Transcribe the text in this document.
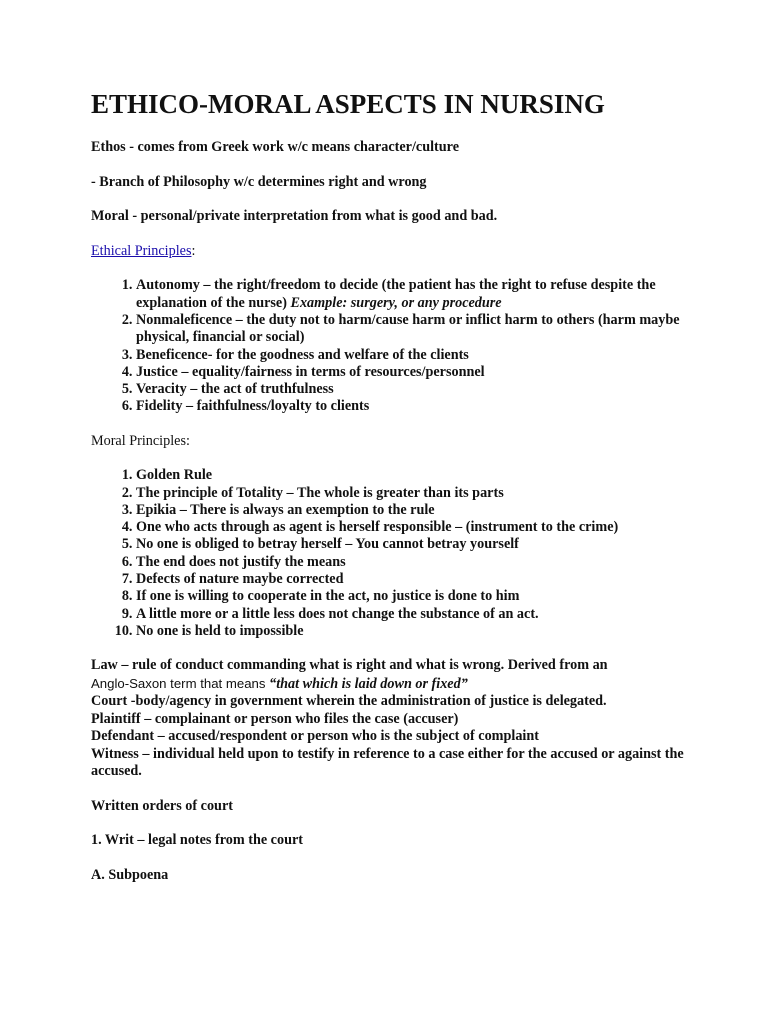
ETHICO-MORAL ASPECTS IN NURSING

Ethos - comes from Greek work w/c means character/culture

- Branch of Philosophy w/c determines right and wrong

Moral - personal/private interpretation from what is good and bad.

Ethical Principles:

1. Autonomy – the right/freedom to decide (the patient has the right to refuse despite the explanation of the nurse) Example: surgery, or any procedure
2. Nonmaleficence – the duty not to harm/cause harm or inflict harm to others (harm maybe physical, financial or social)
3. Beneficence- for the goodness and welfare of the clients
4. Justice – equality/fairness in terms of resources/personnel
5. Veracity – the act of truthfulness
6. Fidelity – faithfulness/loyalty to clients

Moral Principles:

1. Golden Rule
2. The principle of Totality – The whole is greater than its parts
3. Epikia – There is always an exemption to the rule
4. One who acts through as agent is herself responsible – (instrument to the crime)
5. No one is obliged to betray herself – You cannot betray yourself
6. The end does not justify the means
7. Defects of nature maybe corrected
8. If one is willing to cooperate in the act, no justice is done to him
9. A little more or a little less does not change the substance of an act.
10. No one is held to impossible

Law – rule of conduct commanding what is right and what is wrong. Derived from an

Anglo-Saxon term that means “that which is laid down or fixed”

Court -body/agency in government wherein the administration of justice is delegated.

Plaintiff – complainant or person who files the case (accuser)

Defendant – accused/respondent or person who is the subject of complaint

Witness – individual held upon to testify in reference to a case either for the accused or against the accused.

Written orders of court

1. Writ – legal notes from the court

A. Subpoena
